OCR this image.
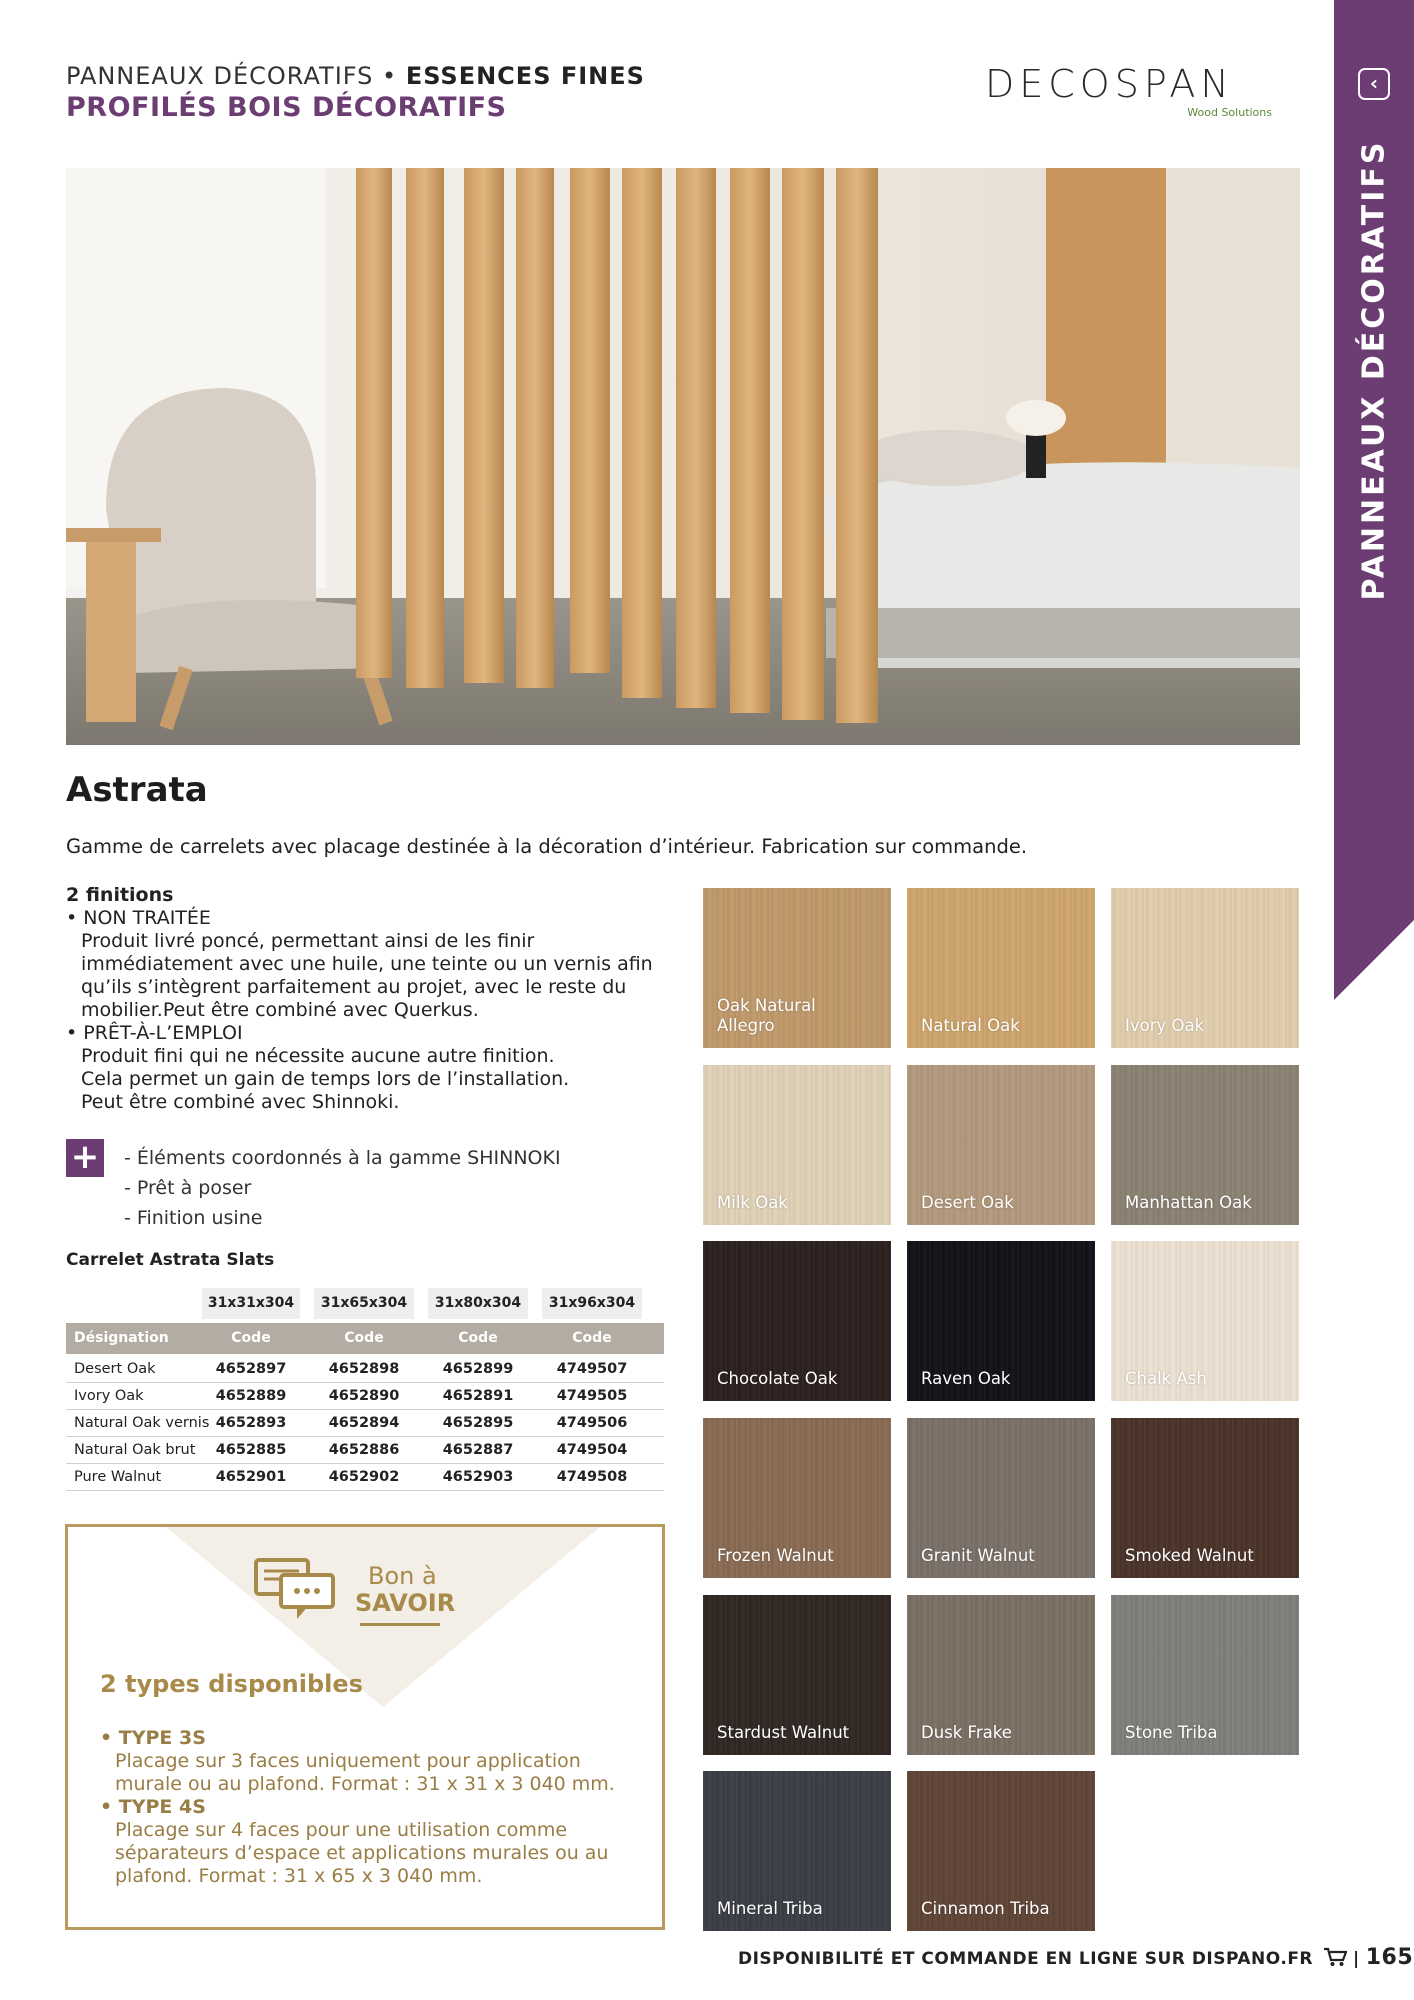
PANNEAUX DÉCORATIFS • ESSENCES FINES
PROFILÉS BOIS DÉCORATIFS
DECOSPAN
Wood Solutions
‹
PANNEAUX DÉCORATIFS
Astrata
Gamme de carrelets avec placage destinée à la décoration d’intérieur. Fabrication sur commande.
2 finitions
• NON TRAITÉE
Produit livré poncé, permettant ainsi de les finir
immédiatement avec une huile, une teinte ou un vernis afin
qu’ils s’intègrent parfaitement au projet, avec le reste du
mobilier.Peut être combiné avec Querkus.
• PRÊT-À-L’EMPLOI
Produit fini qui ne nécessite aucune autre finition.
Cela permet un gain de temps lors de l’installation.
Peut être combiné avec Shinnoki.
+ - Éléments coordonnés à la gamme SHINNOKI
- Prêt à poser
- Finition usine
Carrelet Astrata Slats
31x31x304	31x65x304	31x80x304	31x96x304
Désignation	Code	Code	Code	Code
Desert Oak	4652897	4652898	4652899	4749507
Ivory Oak	4652889	4652890	4652891	4749505
Natural Oak vernis 4652893	4652894	4652895	4749506
Natural Oak brut	4652885	4652886	4652887	4749504
Pure Walnut	4652901	4652902	4652903	4749508
Bon à
SAVOIR
2 types disponibles
• TYPE 3S
Placage sur 3 faces uniquement pour application
murale ou au plafond. Format : 31 x 31 x 3 040 mm.
• TYPE 4S
Placage sur 4 faces pour une utilisation comme
séparateurs d’espace et applications murales ou au
plafond. Format : 31 x 65 x 3 040 mm.
Oak Natural
Allegro	Natural Oak	Ivory Oak
Milk Oak	Desert Oak	Manhattan Oak
Chocolate Oak	Raven Oak	Chalk Ash
Frozen Walnut	Granit Walnut	Smoked Walnut
Stardust Walnut	Dusk Frake	Stone Triba
Mineral Triba	Cinnamon Triba
DISPONIBILITÉ ET COMMANDE EN LIGNE SUR DISPANO.FR | 165
